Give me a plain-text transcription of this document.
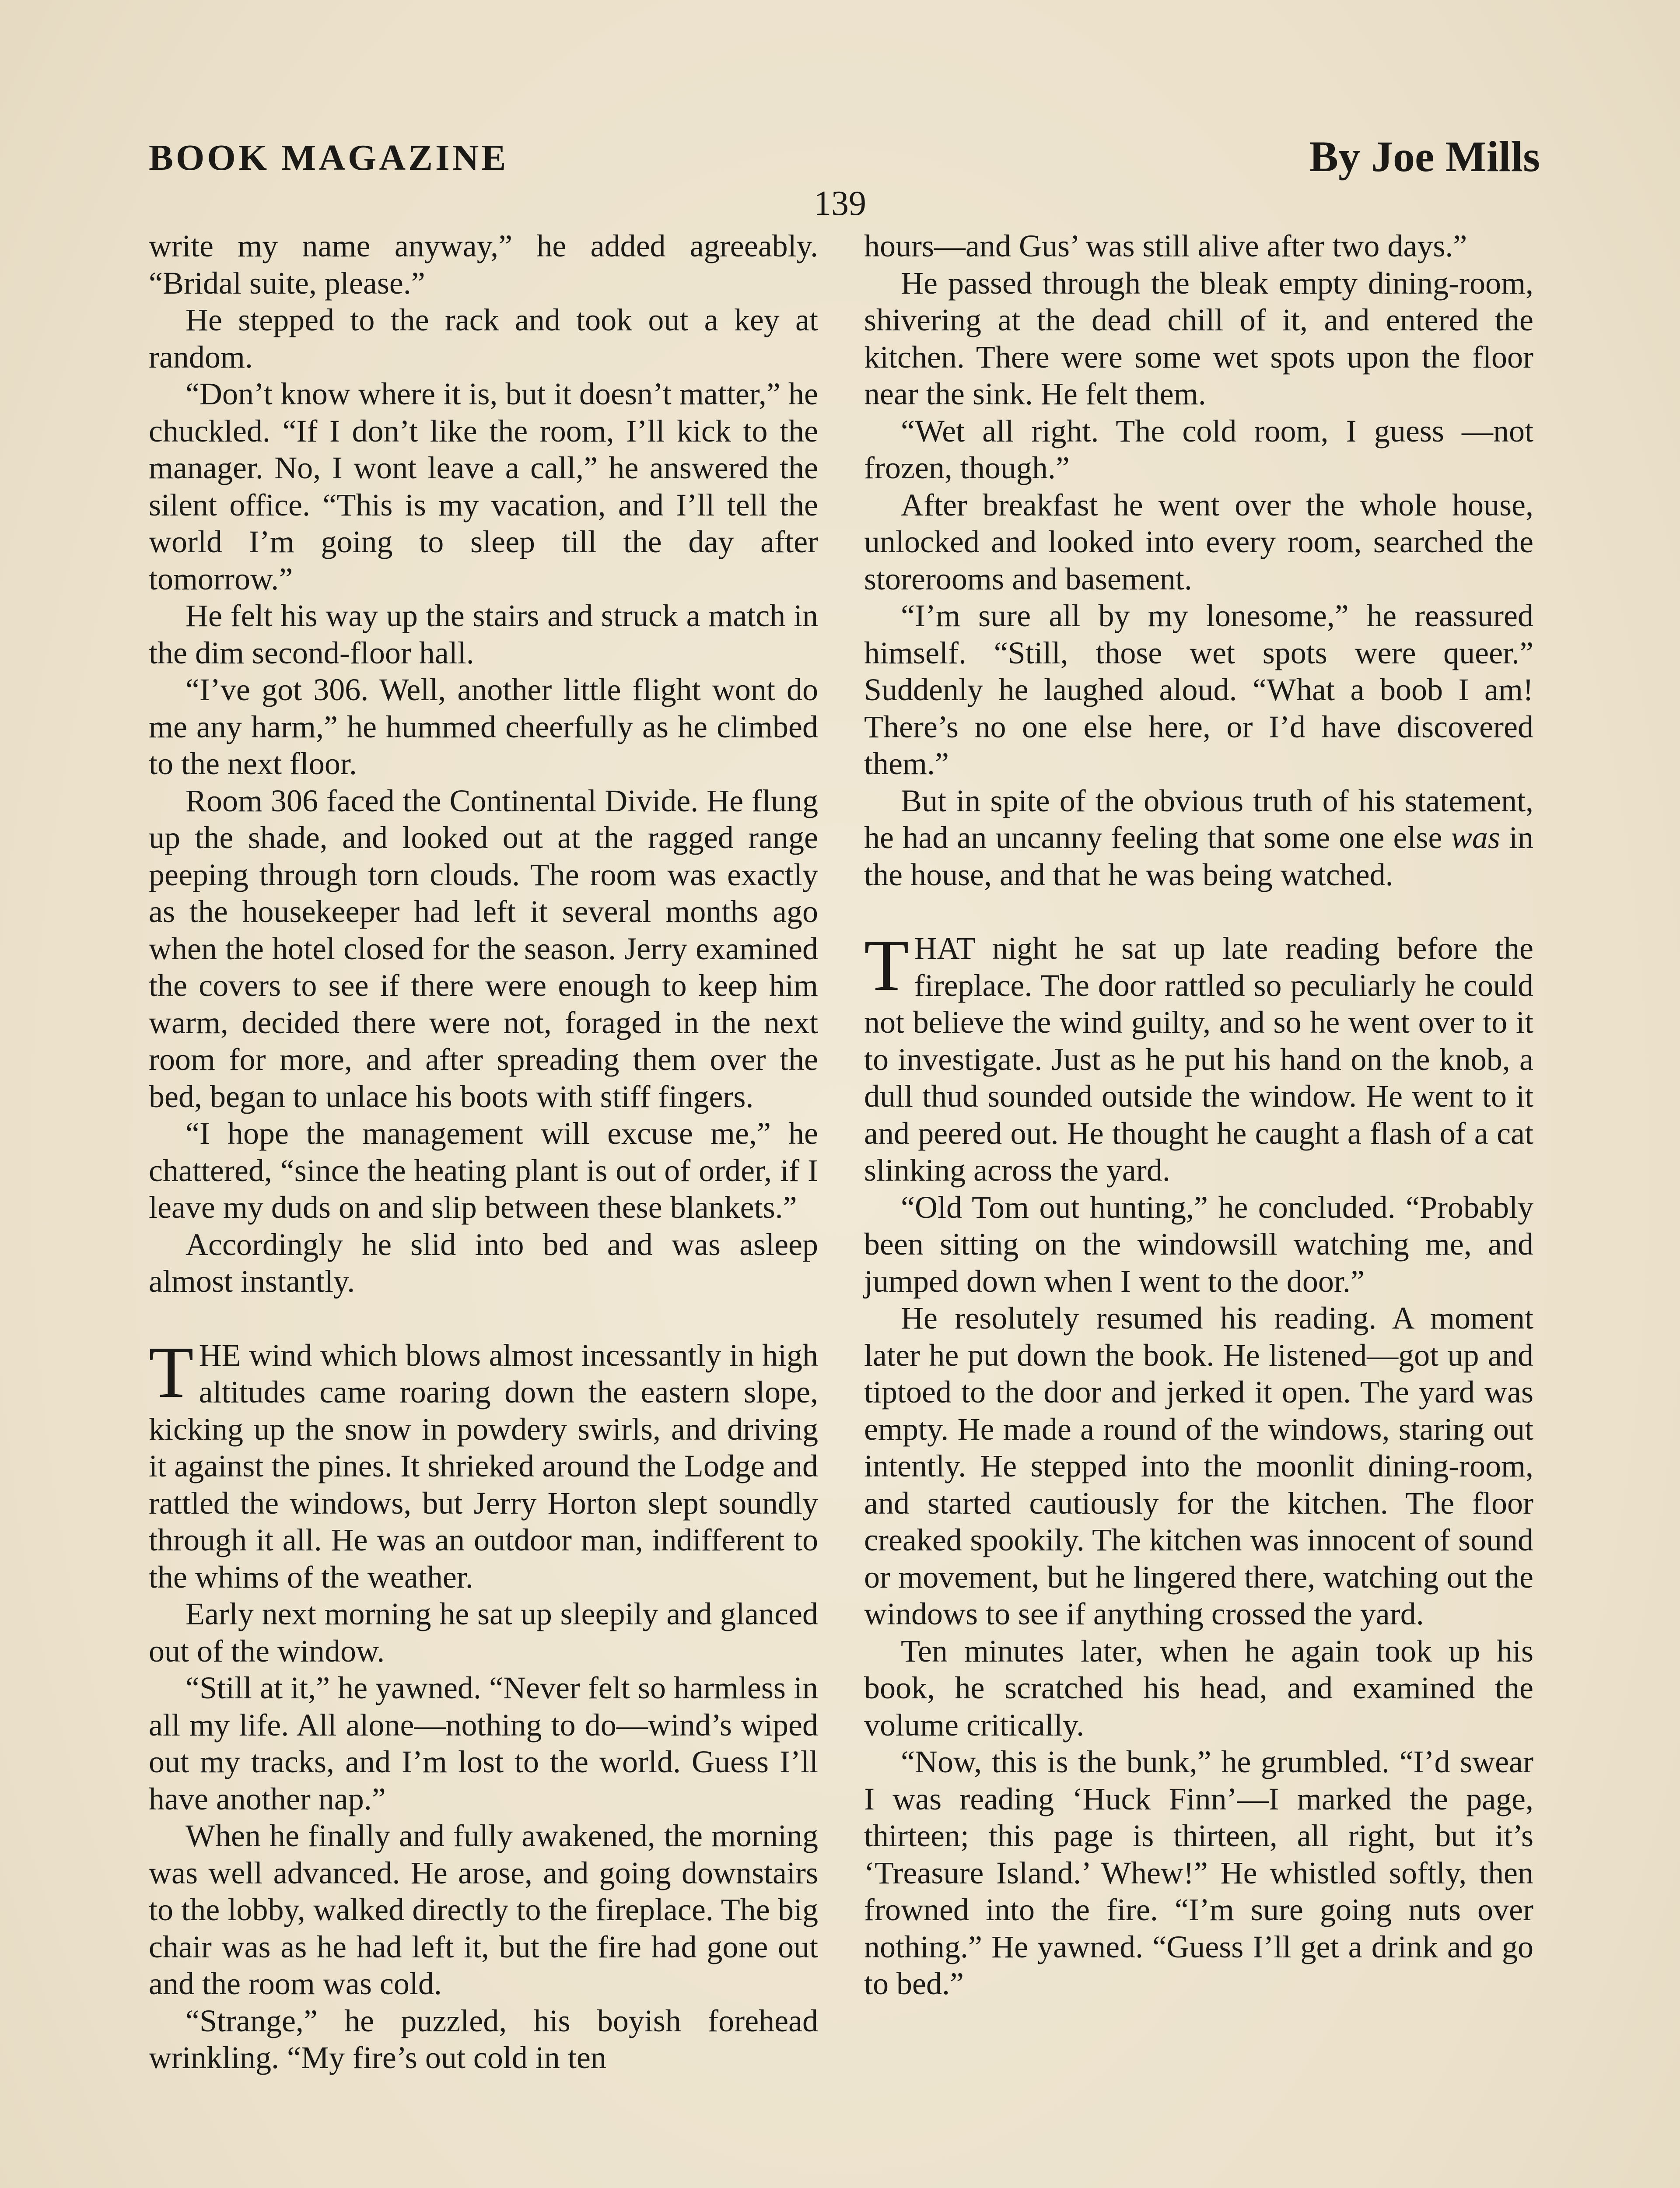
BOOK MAGAZINE	By Joe Mills
139

write my name anyway,” he added agreeably. “Bridal suite, please.”

He stepped to the rack and took out a key at random.

“Don’t know where it is, but it doesn’t matter,” he chuckled. “If I don’t like the room, I’ll kick to the manager. No, I wont leave a call,” he answered the silent office. “This is my vacation, and I’ll tell the world I’m going to sleep till the day after tomorrow.”

He felt his way up the stairs and struck a match in the dim second-floor hall.

“I’ve got 306. Well, another little flight wont do me any harm,” he hummed cheerfully as he climbed to the next floor.

Room 306 faced the Continental Divide. He flung up the shade, and looked out at the ragged range peeping through torn clouds. The room was exactly as the housekeeper had left it several months ago when the hotel closed for the season. Jerry examined the covers to see if there were enough to keep him warm, decided there were not, foraged in the next room for more, and after spreading them over the bed, began to unlace his boots with stiff fingers.

“I hope the management will excuse me,” he chattered, “since the heating plant is out of order, if I leave my duds on and slip between these blankets.”

Accordingly he slid into bed and was asleep almost instantly.

THE wind which blows almost incessantly in high altitudes came roaring down the eastern slope, kicking up the snow in powdery swirls, and driving it against the pines. It shrieked around the Lodge and rattled the windows, but Jerry Horton slept soundly through it all. He was an outdoor man, indifferent to the whims of the weather.

Early next morning he sat up sleepily and glanced out of the window.

“Still at it,” he yawned. “Never felt so harmless in all my life. All alone—nothing to do—wind’s wiped out my tracks, and I’m lost to the world. Guess I’ll have another nap.”

When he finally and fully awakened, the morning was well advanced. He arose, and going downstairs to the lobby, walked directly to the fireplace. The big chair was as he had left it, but the fire had gone out and the room was cold.

“Strange,” he puzzled, his boyish forehead wrinkling. “My fire’s out cold in ten

hours—and Gus’ was still alive after two days.”

He passed through the bleak empty dining-room, shivering at the dead chill of it, and entered the kitchen. There were some wet spots upon the floor near the sink. He felt them.

“Wet all right. The cold room, I guess —not frozen, though.”

After breakfast he went over the whole house, unlocked and looked into every room, searched the storerooms and basement.

“I’m sure all by my lonesome,” he reassured himself. “Still, those wet spots were queer.” Suddenly he laughed aloud. “What a boob I am! There’s no one else here, or I’d have discovered them.”

But in spite of the obvious truth of his statement, he had an uncanny feeling that some one else was in the house, and that he was being watched.

THAT night he sat up late reading before the fireplace. The door rattled so peculiarly he could not believe the wind guilty, and so he went over to it to investigate. Just as he put his hand on the knob, a dull thud sounded outside the window. He went to it and peered out. He thought he caught a flash of a cat slinking across the yard.

“Old Tom out hunting,” he concluded. “Probably been sitting on the windowsill watching me, and jumped down when I went to the door.”

He resolutely resumed his reading. A moment later he put down the book. He listened—got up and tiptoed to the door and jerked it open. The yard was empty. He made a round of the windows, staring out intently. He stepped into the moonlit dining-room, and started cautiously for the kitchen. The floor creaked spookily. The kitchen was innocent of sound or movement, but he lingered there, watching out the windows to see if anything crossed the yard.

Ten minutes later, when he again took up his book, he scratched his head, and examined the volume critically.

“Now, this is the bunk,” he grumbled. “I’d swear I was reading ‘Huck Finn’—I marked the page, thirteen; this page is thirteen, all right, but it’s ‘Treasure Island.’ Whew!” He whistled softly, then frowned into the fire. “I’m sure going nuts over nothing.” He yawned. “Guess I’ll get a drink and go to bed.”
